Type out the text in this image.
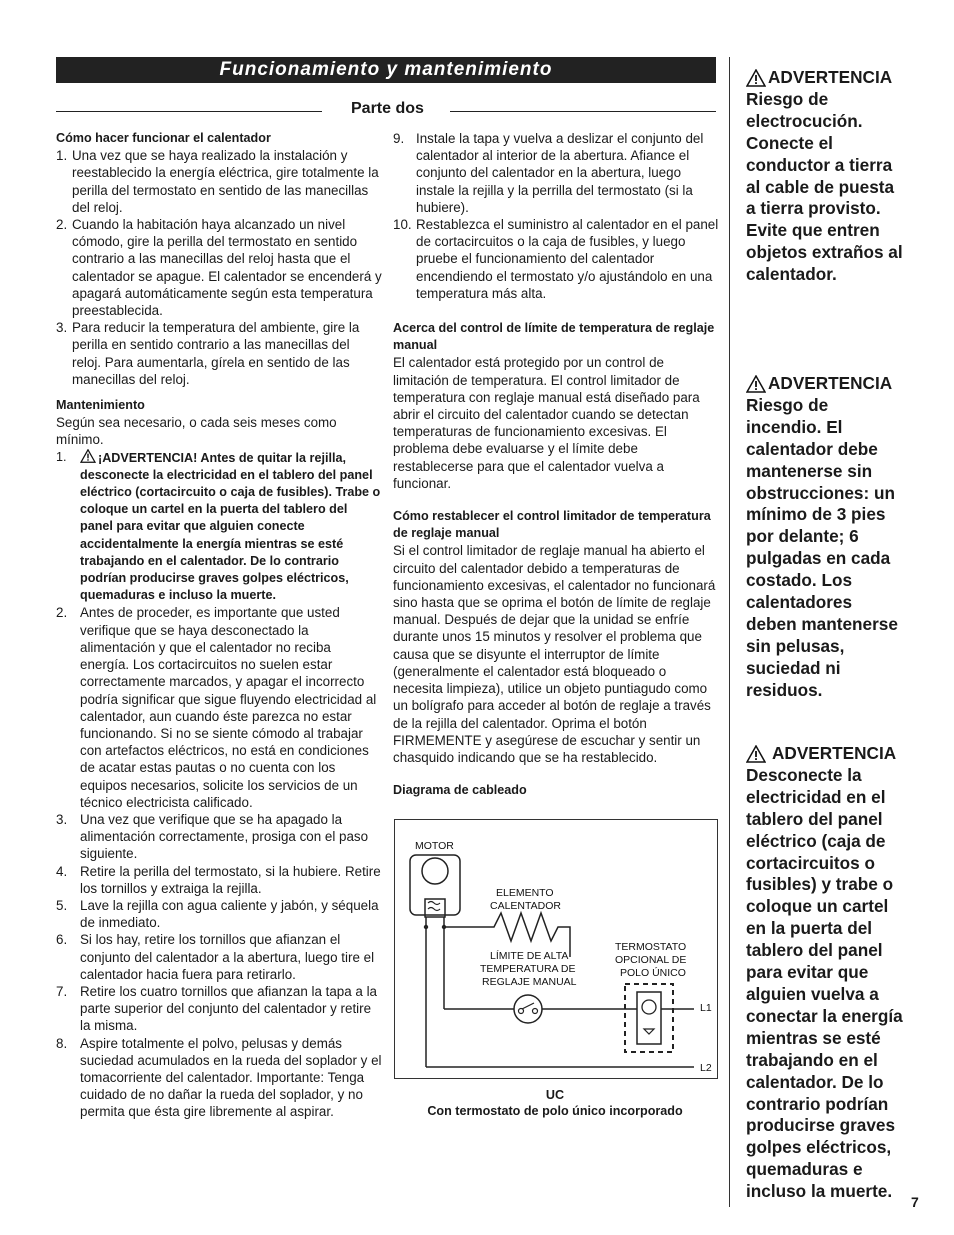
Funcionamiento y mantenimiento
Parte dos

Cómo hacer funcionar el calentador

1. Una vez que se haya realizado la instalación y reestablecido la energía eléctrica, gire totalmente la perilla del termostato en sentido de las manecillas del reloj.
2. Cuando la habitación haya alcanzado un nivel cómodo, gire la perilla del termostato en sentido contrario a las manecillas del reloj hasta que el calentador se apague. El calentador se encenderá y apagará automáticamente según esta temperatura preestablecida.
3. Para reducir la temperatura del ambiente, gire la perilla en sentido contrario a las manecillas del reloj. Para aumentarla, gírela en sentido de las manecillas del reloj.

Mantenimiento

Según sea necesario, o cada seis meses como mínimo.

1.	¡ADVERTENCIA! Antes de quitar la rejilla, desconecte la electricidad en el tablero del panel eléctrico (cortacircuito o caja de fusibles). Trabe o coloque un cartel en la puerta del tablero del panel para evitar que alguien conecte accidentalmente la energía mientras se esté trabajando en el calentador. De lo contrario podrían producirse graves golpes eléctricos, quemaduras e incluso la muerte.
2. Antes de proceder, es importante que usted verifique que se haya desconectado la alimentación y que el calentador no reciba energía. Los cortacircuitos no suelen estar correctamente marcados, y apagar el incorrecto podría significar que sigue fluyendo electricidad al calentador, aun cuando éste parezca no estar funcionando. Si no se siente cómodo al trabajar con artefactos eléctricos, no está en condiciones de acatar estas pautas o no cuenta con los equipos necesarios, solicite los servicios de un técnico electricista calificado.
3. Una vez que verifique que se ha apagado la alimentación correctamente, prosiga con el paso siguiente.
4. Retire la perilla del termostato, si la hubiere. Retire los tornillos y extraiga la rejilla.
5. Lave la rejilla con agua caliente y jabón, y séquela de inmediato.
6. Si los hay, retire los tornillos que afianzan el conjunto del calentador a la abertura, luego tire el calentador hacia fuera para retirarlo.
7. Retire los cuatro tornillos que afianzan la tapa a la parte superior del conjunto del calentador y retire la misma.
8. Aspire totalmente el polvo, pelusas y demás suciedad acumulados en la rueda del soplador y el tomacorriente del calentador. Importante: Tenga cuidado de no dañar la rueda del soplador, y no permita que ésta gire libremente al aspirar.
9. Instale la tapa y vuelva a deslizar el conjunto del calentador al interior de la abertura. Afiance el conjunto del calentador en la abertura, luego instale la rejilla y la perrilla del termostato (si la hubiere).
10. Restablezca el suministro al calentador en el panel de cortacircuitos o la caja de fusibles, y luego pruebe el funcionamiento del calentador encendiendo el termostato y/o ajustándolo en una temperatura más alta.

Acerca del control de límite de temperatura de reglaje manual

El calentador está protegido por un control de limitación de temperatura. El control limitador de temperatura con reglaje manual está diseñado para abrir el circuito del calentador cuando se detectan temperaturas de funcionamiento excesivas. El problema debe evaluarse y el límite debe restablecerse para que el calentador vuelva a funcionar.

Cómo restablecer el control limitador de temperatura de reglaje manual

Si el control limitador de reglaje manual ha abierto el circuito del calentador debido a temperaturas de funcionamiento excesivas, el calentador no funcionará sino hasta que se oprima el botón de límite de reglaje manual. Después de dejar que la unidad se enfríe durante unos 15 minutos y resolver el problema que causa que se disyunte el interruptor de límite (generalmente el calentador está bloqueado o necesita limpieza), utilice un objeto puntiagudo como un bolígrafo para acceder al botón de reglaje a través de la rejilla del calentador. Oprima el botón FIRMEMENTE y asegúrese de escuchar y sentir un chasquido indicando que se ha restablecido.

Diagrama de cableado

MOTOR
ELEMENTO
CALENTADOR
LÍMITE DE ALTA
TEMPERATURA DE
REGLAJE MANUAL
TERMOSTATO
OPCIONAL DE
POLO ÚNICO
L1
L2
UC
Con termostato de polo único incorporado
ADVERTENCIA
Riesgo de electrocución. Conecte el conductor a tierra al cable de puesta a tierra provisto. Evite que entren objetos extraños al calentador.
ADVERTENCIA
Riesgo de incendio. El calentador debe mantenerse sin obstrucciones: un mínimo de 3 pies por delante; 6 pulgadas en cada costado. Los calentadores deben mantenerse sin pelusas, suciedad ni residuos.
ADVERTENCIA
Desconecte la electricidad en el tablero del panel eléctrico (caja de cortacircuitos o fusibles) y trabe o coloque un cartel en la puerta del tablero del panel para evitar que alguien vuelva a conectar la energía mientras se esté trabajando en el calentador. De lo contrario podrían producirse graves golpes eléctricos, quemaduras e incluso la muerte.
7
